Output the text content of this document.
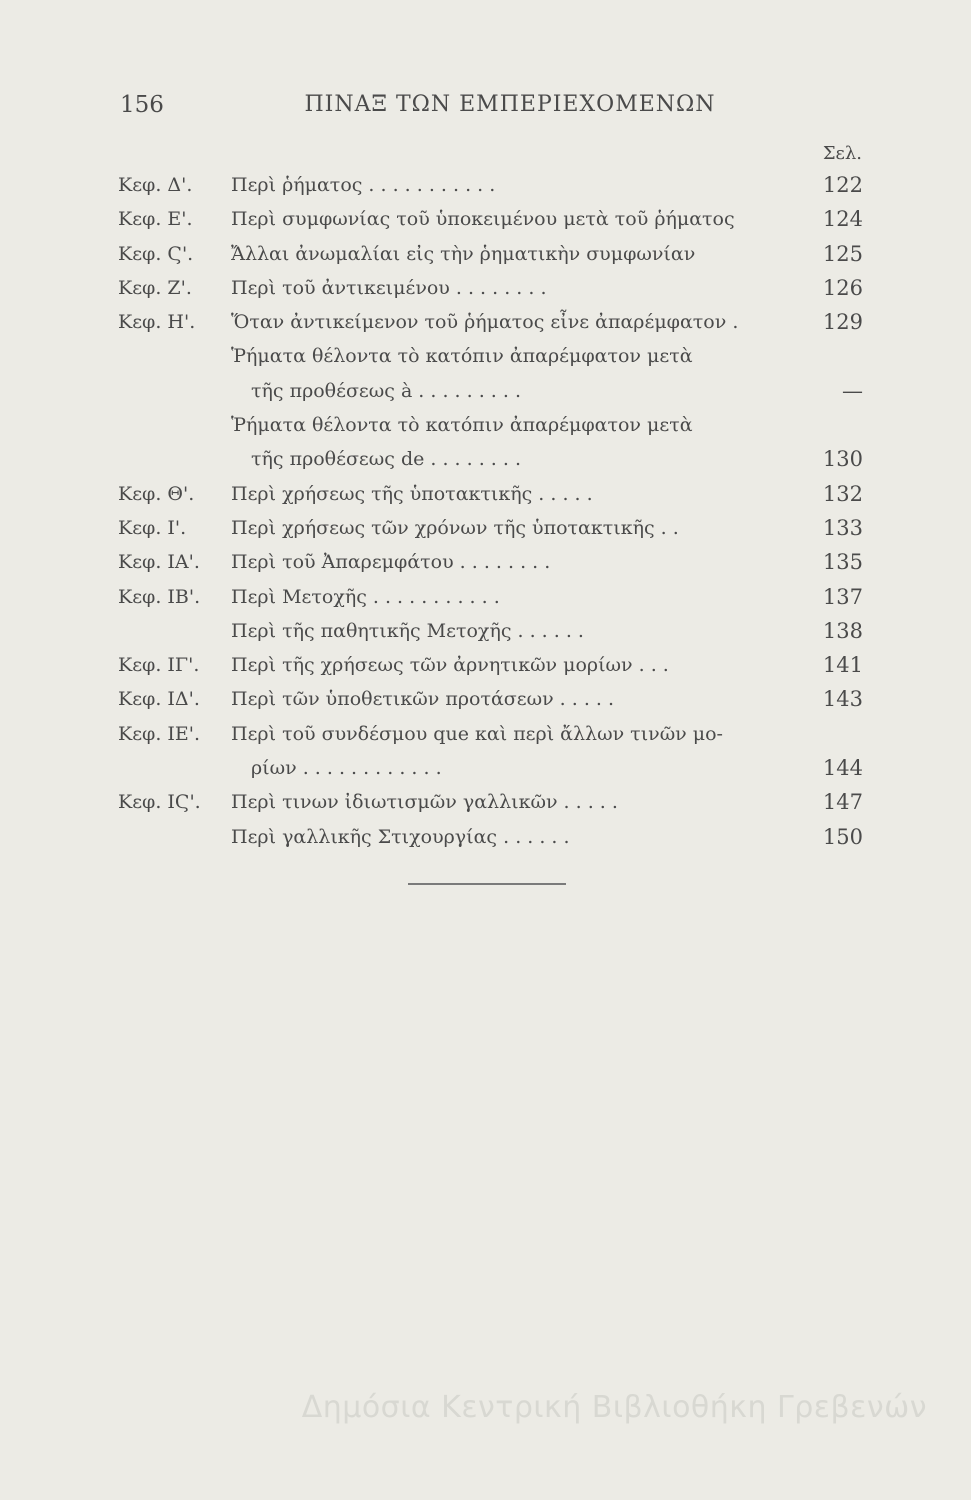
156	ΠΙΝΑΞ ΤΩΝ ΕΜΠΕΡΙΕΧΟΜΕΝΩΝ
Σελ.
Κεφ. Δ'.	Περὶ ῥήματος . . . . . . . . . . .	122
Κεφ. Ε'.	Περὶ συμφωνίας τοῦ ὑποκειμένου μετὰ τοῦ ῥήματος	124
Κεφ. Ϛ'.	Ἄλλαι ἀνωμαλίαι εἰς τὴν ῥηματικὴν συμφωνίαν	125
Κεφ. Ζ'.	Περὶ τοῦ ἀντικειμένου . . . . . . . .	126
Κεφ. Η'.	Ὅταν ἀντικείμενον τοῦ ῥήματος εἶνε ἀπαρέμφατον .	129
Ῥήματα θέλοντα τὸ κατόπιν ἀπαρέμφατον μετὰ
τῆς προθέσεως à . . . . . . . . .	—
Ῥήματα θέλοντα τὸ κατόπιν ἀπαρέμφατον μετὰ
τῆς προθέσεως de . . . . . . . .	130
Κεφ. Θ'.	Περὶ χρήσεως τῆς ὑποτακτικῆς . . . . .	132
Κεφ. Ι'.	Περὶ χρήσεως τῶν χρόνων τῆς ὑποτακτικῆς . .	133
Κεφ. ΙΑ'.	Περὶ τοῦ Ἀπαρεμφάτου . . . . . . . .	135
Κεφ. ΙΒ'.	Περὶ Μετοχῆς . . . . . . . . . . .	137
Περὶ τῆς παθητικῆς Μετοχῆς . . . . . .	138
Κεφ. ΙΓ'.	Περὶ τῆς χρήσεως τῶν ἀρνητικῶν μορίων . . .	141
Κεφ. ΙΔ'.	Περὶ τῶν ὑποθετικῶν προτάσεων . . . . .	143
Κεφ. ΙΕ'.	Περὶ τοῦ συνδέσμου que καὶ περὶ ἄλλων τινῶν μο-
ρίων . . . . . . . . . . . .	144
Κεφ. ΙϚ'.	Περὶ τινων ἰδιωτισμῶν γαλλικῶν . . . . .	147
Περὶ γαλλικῆς Στιχουργίας . . . . . .	150
Δημόσια Κεντρική Βιβλιοθήκη Γρεβενών
